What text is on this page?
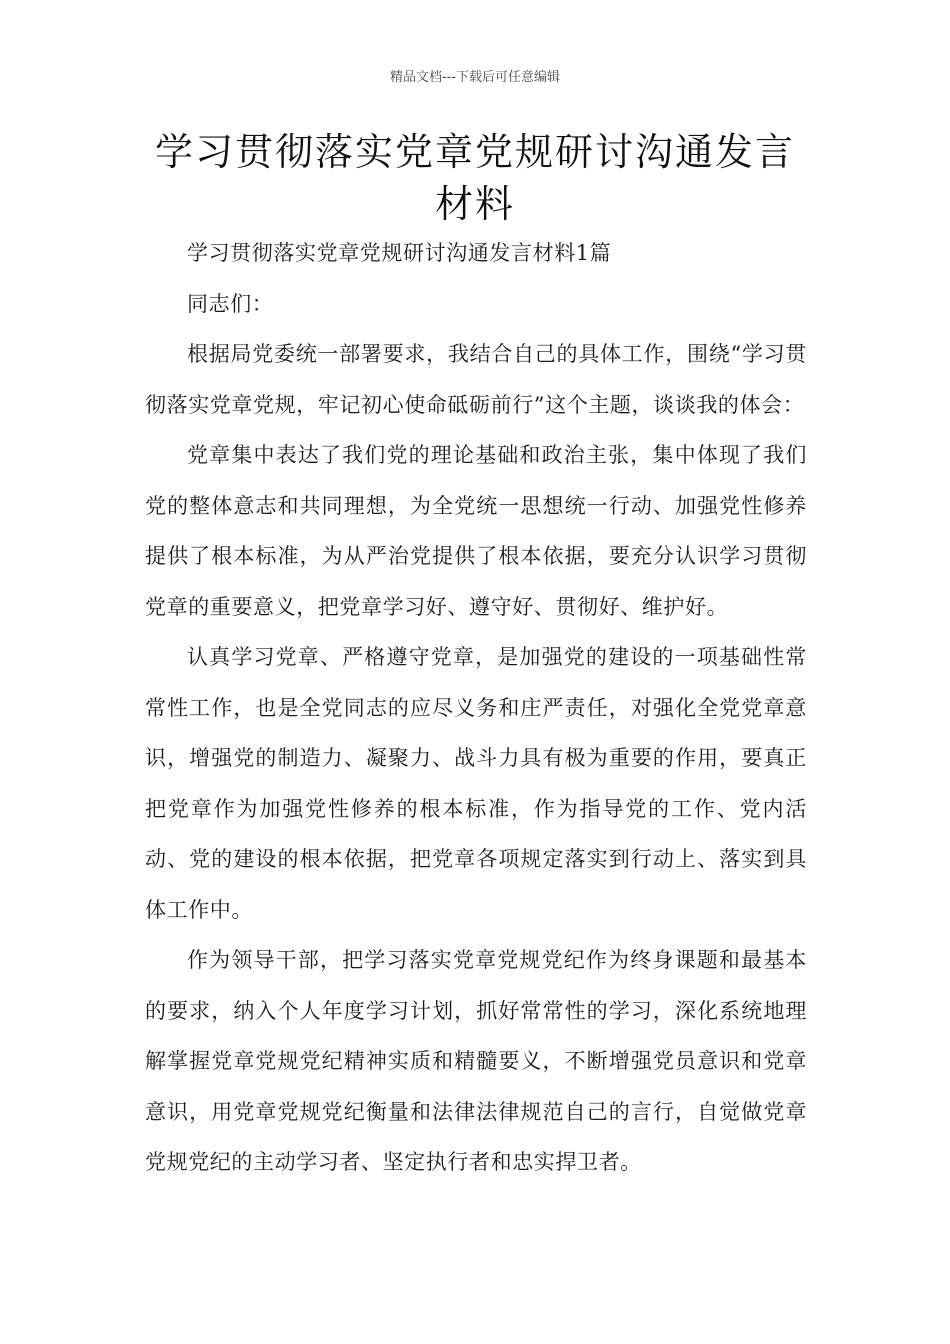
精品文档---下载后可任意编辑
学习贯彻落实党章党规研讨沟通发言材料

学习贯彻落实党章党规研讨沟通发言材料1篇

同志们：

根据局党委统一部署要求，我结合自己的具体工作，围绕“学习贯彻落实党章党规，牢记初心使命砥砺前行”这个主题，谈谈我的体会：

党章集中表达了我们党的理论基础和政治主张，集中体现了我们党的整体意志和共同理想，为全党统一思想统一行动、加强党性修养提供了根本标准，为从严治党提供了根本依据，要充分认识学习贯彻党章的重要意义，把党章学习好、遵守好、贯彻好、维护好。

认真学习党章、严格遵守党章，是加强党的建设的一项基础性常常性工作，也是全党同志的应尽义务和庄严责任，对强化全党党章意识，增强党的制造力、凝聚力、战斗力具有极为重要的作用，要真正把党章作为加强党性修养的根本标准，作为指导党的工作、党内活动、党的建设的根本依据，把党章各项规定落实到行动上、落实到具体工作中。

作为领导干部，把学习落实党章党规党纪作为终身课题和最基本的要求，纳入个人年度学习计划，抓好常常性的学习，深化系统地理解掌握党章党规党纪精神实质和精髓要义，不断增强党员意识和党章意识，用党章党规党纪衡量和法律法律规范自己的言行，自觉做党章党规党纪的主动学习者、坚定执行者和忠实捍卫者。
